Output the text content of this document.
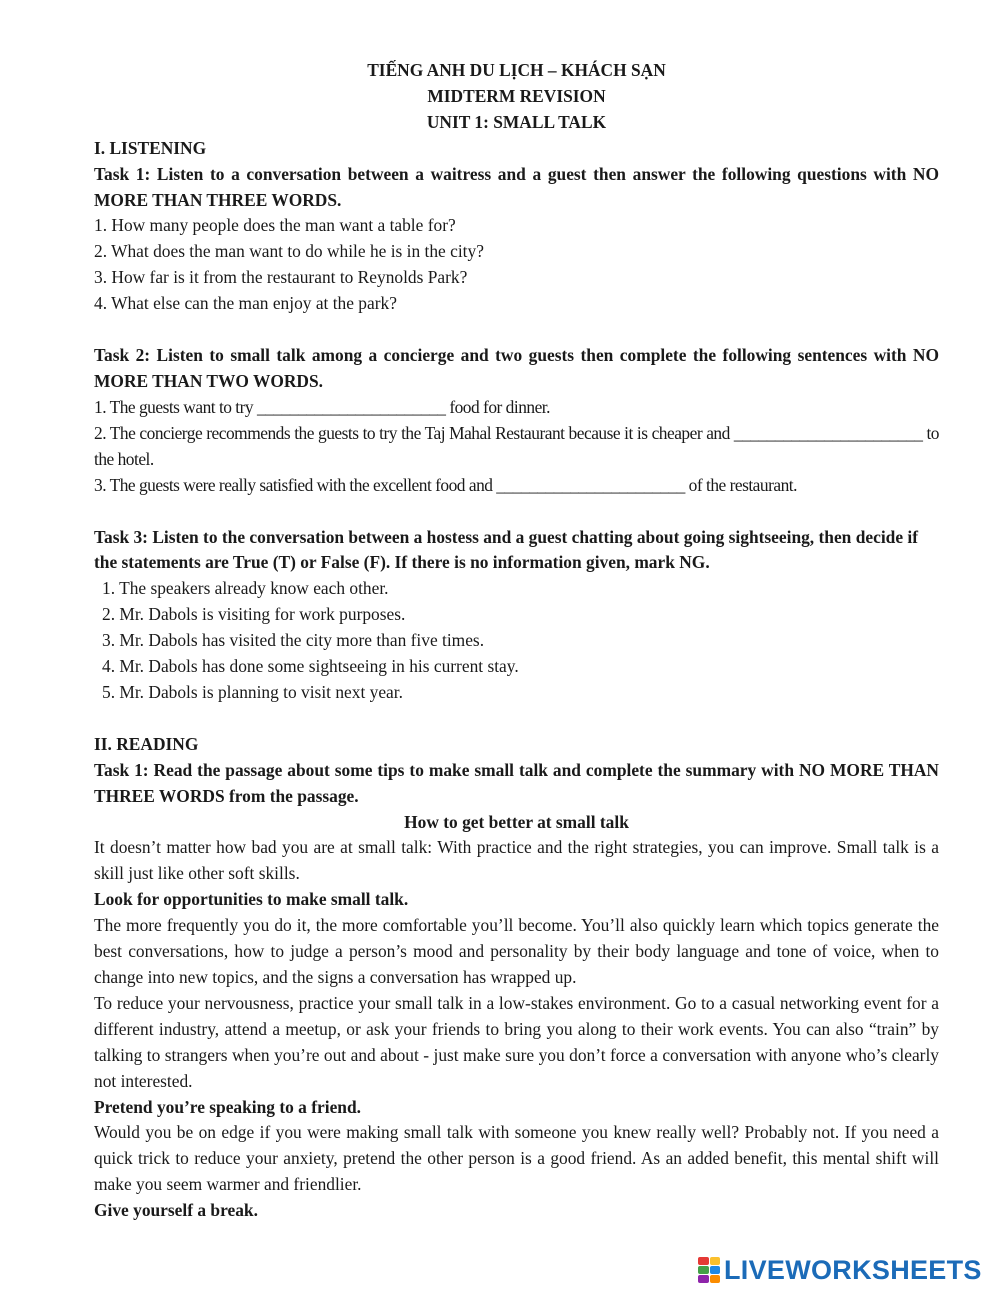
TIẾNG ANH DU LỊCH – KHÁCH SẠN
MIDTERM REVISION
UNIT 1: SMALL TALK
I. LISTENING
Task 1: Listen to a conversation between a waitress and a guest then answer the following questions with NO MORE THAN THREE WORDS.
1. How many people does the man want a table for?
2. What does the man want to do while he is in the city?
3. How far is it from the restaurant to Reynolds Park?
4. What else can the man enjoy at the park?
Task 2: Listen to small talk among a concierge and two guests then complete the following sentences with NO MORE THAN TWO WORDS.
1. The guests want to try _______________________ food for dinner.
2. The concierge recommends the guests to try the Taj Mahal Restaurant because it is cheaper and _______________________ to the hotel.
3. The guests were really satisfied with the excellent food and _______________________ of the restaurant.
Task 3: Listen to the conversation between a hostess and a guest chatting about going sightseeing, then decide if the statements are True (T) or False (F). If there is no information given, mark NG.
1. The speakers already know each other.
2. Mr. Dabols is visiting for work purposes.
3. Mr. Dabols has visited the city more than five times.
4. Mr. Dabols has done some sightseeing in his current stay.
5. Mr. Dabols is planning to visit next year.
II. READING
Task 1: Read the passage about some tips to make small talk and complete the summary with NO MORE THAN THREE WORDS from the passage.
How to get better at small talk
It doesn’t matter how bad you are at small talk: With practice and the right strategies, you can improve. Small talk is a skill just like other soft skills.
Look for opportunities to make small talk.
The more frequently you do it, the more comfortable you’ll become. You’ll also quickly learn which topics generate the best conversations, how to judge a person’s mood and personality by their body language and tone of voice, when to change into new topics, and the signs a conversation has wrapped up.
To reduce your nervousness, practice your small talk in a low-stakes environment. Go to a casual networking event for a different industry, attend a meetup, or ask your friends to bring you along to their work events. You can also “train” by talking to strangers when you’re out and about - just make sure you don’t force a conversation with anyone who’s clearly not interested.
Pretend you’re speaking to a friend.
Would you be on edge if you were making small talk with someone you knew really well? Probably not. If you need a quick trick to reduce your anxiety, pretend the other person is a good friend. As an added benefit, this mental shift will make you seem warmer and friendlier.
Give yourself a break.
LIVEWORKSHEETS
